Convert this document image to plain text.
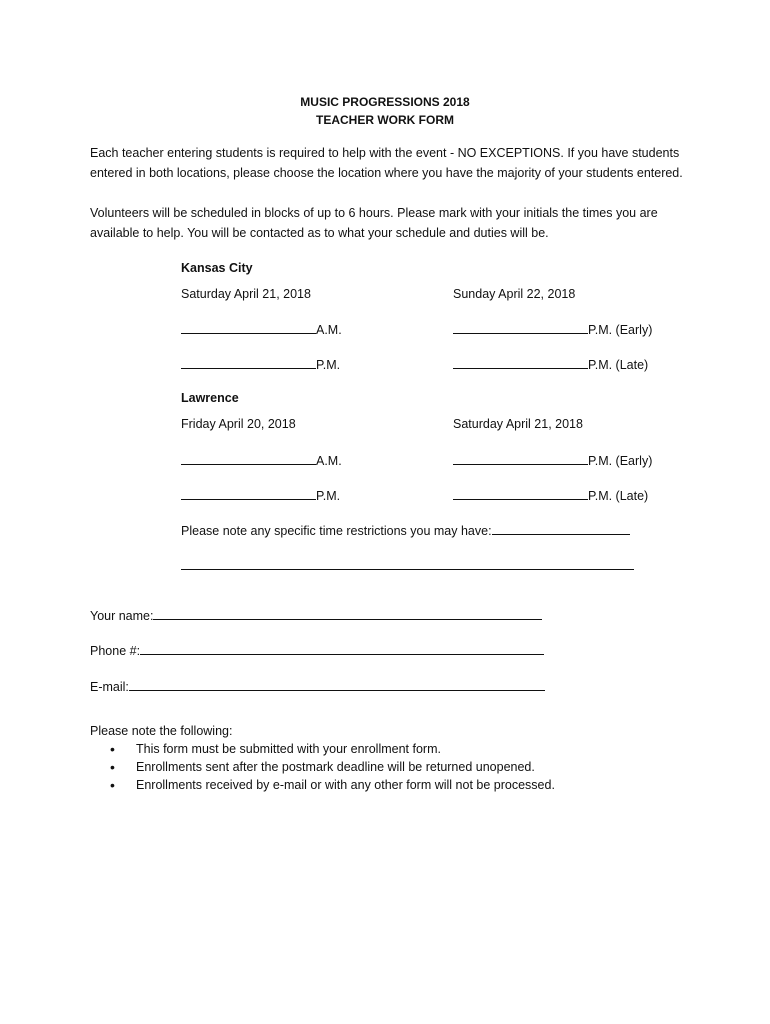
MUSIC PROGRESSIONS 2018
TEACHER WORK FORM
Each teacher entering students is required to help with the event - NO EXCEPTIONS. If you have students entered in both locations, please choose the location where you have the majority of your students entered.
Volunteers will be scheduled in blocks of up to 6 hours. Please mark with your initials the times you are available to help. You will be contacted as to what your schedule and duties will be.
Kansas City
Saturday April 21, 2018	Sunday April 22, 2018
A.M.	P.M. (Early)
P.M.	P.M. (Late)
Lawrence
Friday April 20, 2018	Saturday April 21, 2018
A.M.	P.M. (Early)
P.M.	P.M. (Late)
Please note any specific time restrictions you may have:
Your name:
Phone #:
E-mail:
Please note the following:
• This form must be submitted with your enrollment form.
• Enrollments sent after the postmark deadline will be returned unopened.
• Enrollments received by e-mail or with any other form will not be processed.
